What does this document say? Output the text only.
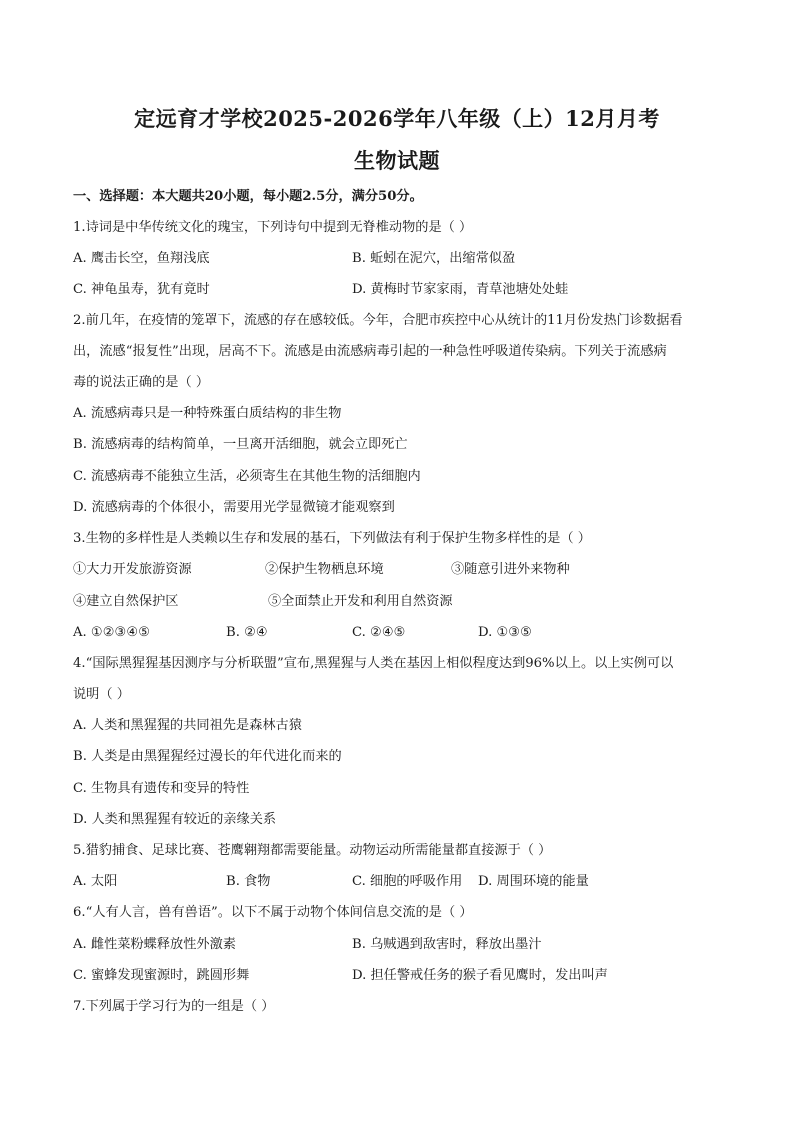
定远育才学校2025-2026学年八年级（上）12月月考
生物试题
一、选择题：本大题共20小题，每小题2.5分，满分50分。
1.诗词是中华传统文化的瑰宝，下列诗句中提到无脊椎动物的是（ ）
A. 鹰击长空，鱼翔浅底	B. 蚯蚓在泥穴，出缩常似盈
C. 神龟虽寿，犹有竟时	D. 黄梅时节家家雨，青草池塘处处蛙
2.前几年，在疫情的笼罩下，流感的存在感较低。今年，合肥市疾控中心从统计的11月份发热门诊数据看
出，流感“报复性”出现，居高不下。流感是由流感病毒引起的一种急性呼吸道传染病。下列关于流感病
毒的说法正确的是（ ）
A. 流感病毒只是一种特殊蛋白质结构的非生物
B. 流感病毒的结构简单，一旦离开活细胞，就会立即死亡
C. 流感病毒不能独立生活，必须寄生在其他生物的活细胞内
D. 流感病毒的个体很小，需要用光学显微镜才能观察到
3.生物的多样性是人类赖以生存和发展的基石，下列做法有利于保护生物多样性的是（ ）
①大力开发旅游资源	②保护生物栖息环境	③随意引进外来物种
④建立自然保护区	⑤全面禁止开发和利用自然资源
A. ①②③④⑤	B. ②④	C. ②④⑤	D. ①③⑤
4.“国际黑猩猩基因测序与分析联盟”宣布,黑猩猩与人类在基因上相似程度达到96%以上。以上实例可以
说明（ ）
A. 人类和黑猩猩的共同祖先是森林古猿
B. 人类是由黑猩猩经过漫长的年代进化而来的
C. 生物具有遗传和变异的特性
D. 人类和黑猩猩有较近的亲缘关系
5.猎豹捕食、足球比赛、苍鹰翱翔都需要能量。动物运动所需能量都直接源于（ ）
A. 太阳	B. 食物	C. 细胞的呼吸作用 D. 周围环境的能量
6.“人有人言，兽有兽语”。以下不属于动物个体间信息交流的是（ ）
A. 雌性菜粉蝶释放性外激素	B. 乌贼遇到敌害时，释放出墨汁
C. 蜜蜂发现蜜源时，跳圆形舞	D. 担任警戒任务的猴子看见鹰时，发出叫声
7.下列属于学习行为的一组是（ ）
